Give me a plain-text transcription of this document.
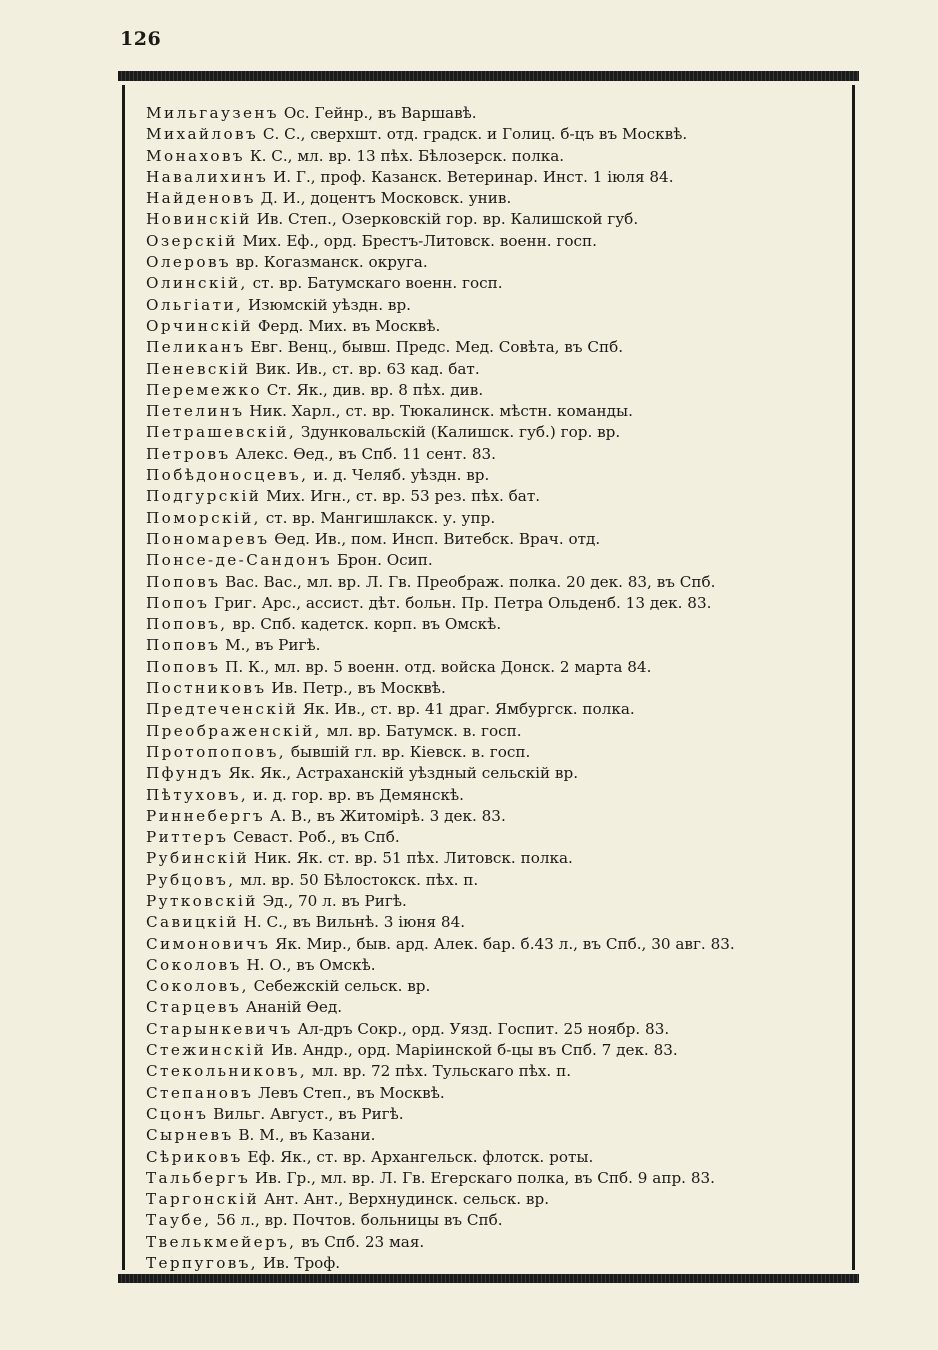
126
Мильгаузенъ Ос. Гейнр., въ Варшавѣ.
Михайловъ С. С., сверхшт. отд. градск. и Голиц. б-цъ въ Москвѣ.
Монаховъ К. С., мл. вр. 13 пѣх. Бѣлозерск. полка.
Навалихинъ И. Г., проф. Казанск. Ветеринар. Инст. 1 іюля 84.
Найденовъ Д. И., доцентъ Московск. унив.
Новинскій Ив. Степ., Озерковскій гор. вр. Калишской губ.
Озерскій Мих. Еф., орд. Брестъ-Литовск. военн. госп.
Олеровъ вр. Когазманск. округа.
Олинскій, ст. вр. Батумскаго военн. госп.
Ольгіати, Изюмскій уѣздн. вр.
Орчинскій Ферд. Мих. въ Москвѣ.
Пеликанъ Евг. Венц., бывш. Предс. Мед. Совѣта, въ Спб.
Пеневскій Вик. Ив., ст. вр. 63 кад. бат.
Перемежко Ст. Як., див. вр. 8 пѣх. див.
Петелинъ Ник. Харл., ст. вр. Тюкалинск. мѣстн. команды.
Петрашевскій, Здунковальскій (Калишск. губ.) гор. вр.
Петровъ Алекс. Ѳед., въ Спб. 11 сент. 83.
Побѣдоносцевъ, и. д. Челяб. уѣздн. вр.
Подгурскій Мих. Игн., ст. вр. 53 рез. пѣх. бат.
Поморскій, ст. вр. Мангишлакск. у. упр.
Пономаревъ Ѳед. Ив., пом. Инсп. Витебск. Врач. отд.
Понсе-де-Сандонъ Брон. Осип.
Поповъ Вас. Вас., мл. вр. Л. Гв. Преображ. полка. 20 дек. 83, въ Спб.
Попоъ Григ. Арс., ассист. дѣт. больн. Пр. Петра Ольденб. 13 дек. 83.
Поповъ, вр. Спб. кадетск. корп. въ Омскѣ.
Поповъ М., въ Ригѣ.
Поповъ П. К., мл. вр. 5 военн. отд. войска Донск. 2 марта 84.
Постниковъ Ив. Петр., въ Москвѣ.
Предтеченскій Як. Ив., ст. вр. 41 драг. Ямбургск. полка.
Преображенскій, мл. вр. Батумск. в. госп.
Протопоповъ, бывшій гл. вр. Кіевск. в. госп.
Пфундъ Як. Як., Астраханскій уѣздный сельскій вр.
Пѣтуховъ, и. д. гор. вр. въ Демянскѣ.
Риннебергъ А. В., въ Житомірѣ. 3 дек. 83.
Риттеръ Севаст. Роб., въ Спб.
Рубинскій Ник. Як. ст. вр. 51 пѣх. Литовск. полка.
Рубцовъ, мл. вр. 50 Бѣлостокск. пѣх. п.
Рутковскій Эд., 70 л. въ Ригѣ.
Савицкій Н. С., въ Вильнѣ. 3 іюня 84.
Симоновичъ Як. Мир., быв. ард. Алек. бар. б.43 л., въ Спб., 30 авг. 83.
Соколовъ Н. О., въ Омскѣ.
Соколовъ, Себежскій сельск. вр.
Старцевъ Ананій Ѳед.
Старынкевичъ Ал-дръ Сокр., орд. Уязд. Госпит. 25 ноябр. 83.
Стежинскій Ив. Андр., орд. Маріинской б-цы въ Спб. 7 дек. 83.
Стекольниковъ, мл. вр. 72 пѣх. Тульскаго пѣх. п.
Степановъ Левъ Степ., въ Москвѣ.
Сцонъ Вильг. Август., въ Ригѣ.
Сырневъ В. М., въ Казани.
Сѣриковъ Еф. Як., ст. вр. Архангельск. флотск. роты.
Тальбергъ Ив. Гр., мл. вр. Л. Гв. Егерскаго полка, въ Спб. 9 апр. 83.
Таргонскій Ант. Ант., Верхнудинск. сельск. вр.
Таубе, 56 л., вр. Почтов. больницы въ Спб.
Твелькмейеръ, въ Спб. 23 мая.
Терпуговъ, Ив. Троф.
